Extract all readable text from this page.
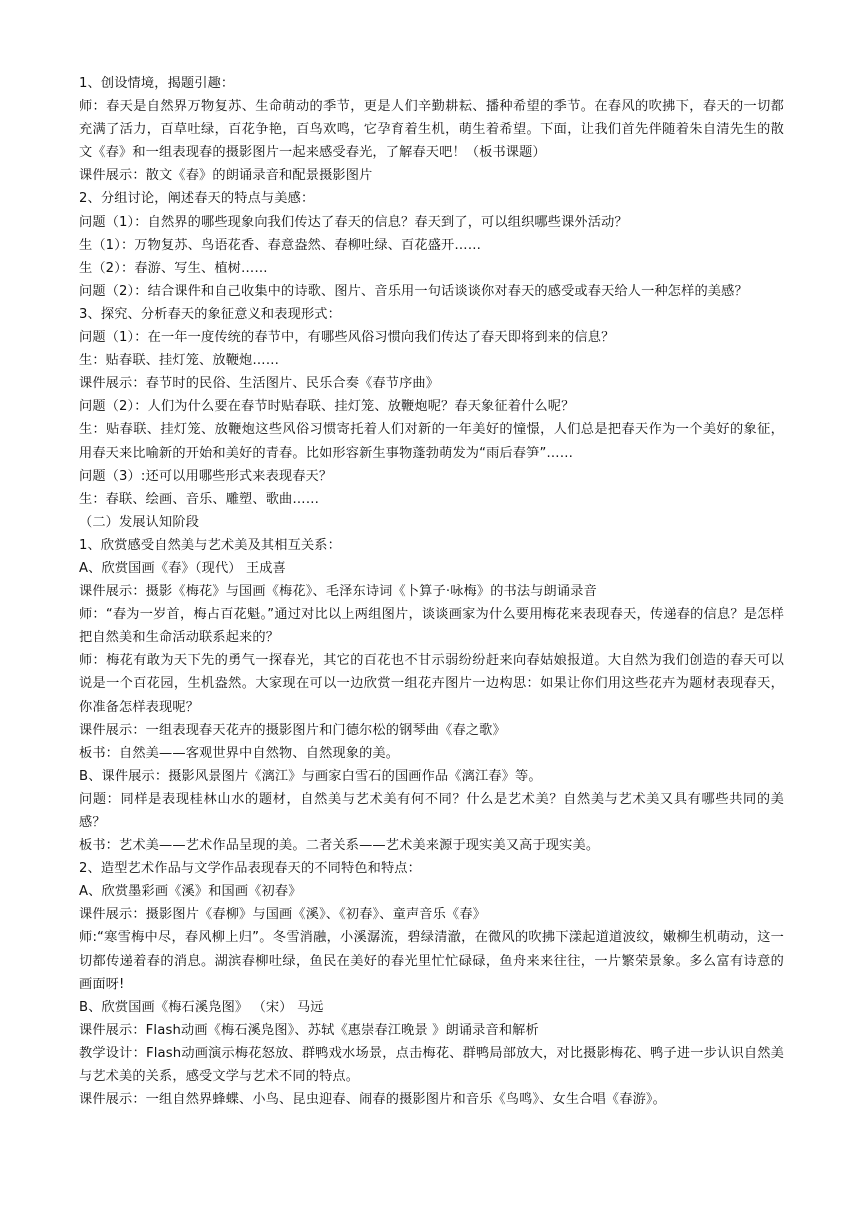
1、创设情境，揭题引趣：

师：春天是自然界万物复苏、生命萌动的季节，更是人们辛勤耕耘、播种希望的季节。在春风的吹拂下，春天的一切都充满了活力，百草吐绿，百花争艳，百鸟欢鸣，它孕育着生机，萌生着希望。下面，让我们首先伴随着朱自清先生的散文《春》和一组表现春的摄影图片一起来感受春光，了解春天吧！（板书课题）

课件展示：散文《春》的朗诵录音和配景摄影图片

2、分组讨论，阐述春天的特点与美感：

问题（1）：自然界的哪些现象向我们传达了春天的信息？春天到了，可以组织哪些课外活动？

生（1）：万物复苏、鸟语花香、春意盎然、春柳吐绿、百花盛开……

生（2）：春游、写生、植树……

问题（2）：结合课件和自己收集中的诗歌、图片、音乐用一句话谈谈你对春天的感受或春天给人一种怎样的美感？

3、探究、分析春天的象征意义和表现形式：

问题（1）：在一年一度传统的春节中，有哪些风俗习惯向我们传达了春天即将到来的信息？

生：贴春联、挂灯笼、放鞭炮……

课件展示：春节时的民俗、生活图片、民乐合奏《春节序曲》

问题（2）：人们为什么要在春节时贴春联、挂灯笼、放鞭炮呢？春天象征着什么呢？

生：贴春联、挂灯笼、放鞭炮这些风俗习惯寄托着人们对新的一年美好的憧憬，人们总是把春天作为一个美好的象征，用春天来比喻新的开始和美好的青春。比如形容新生事物蓬勃萌发为“雨后春笋”……

问题（3）:还可以用哪些形式来表现春天？

生：春联、绘画、音乐、雕塑、歌曲……

（二）发展认知阶段

1、欣赏感受自然美与艺术美及其相互关系：

A、欣赏国画《春》（现代） 王成喜

课件展示：摄影《梅花》与国画《梅花》、毛泽东诗词《卜算子·咏梅》的书法与朗诵录音

师：“春为一岁首，梅占百花魁。”通过对比以上两组图片，谈谈画家为什么要用梅花来表现春天，传递春的信息？是怎样把自然美和生命活动联系起来的？

师：梅花有敢为天下先的勇气一探春光，其它的百花也不甘示弱纷纷赶来向春姑娘报道。大自然为我们创造的春天可以说是一个百花园，生机盎然。大家现在可以一边欣赏一组花卉图片一边构思：如果让你们用这些花卉为题材表现春天，你准备怎样表现呢？

课件展示：一组表现春天花卉的摄影图片和门德尔松的钢琴曲《春之歌》

板书：自然美——客观世界中自然物、自然现象的美。

B、课件展示：摄影风景图片《漓江》与画家白雪石的国画作品《漓江春》等。

问题：同样是表现桂林山水的题材，自然美与艺术美有何不同？什么是艺术美？自然美与艺术美又具有哪些共同的美感？

板书：艺术美——艺术作品呈现的美。二者关系——艺术美来源于现实美又高于现实美。

2、造型艺术作品与文学作品表现春天的不同特色和特点：

A、欣赏墨彩画《溪》和国画《初春》

课件展示：摄影图片《春柳》与国画《溪》、《初春》、童声音乐《春》

师:“寒雪梅中尽，春风柳上归”。冬雪消融，小溪潺流，碧绿清澈，在微风的吹拂下漾起道道波纹，嫩柳生机萌动，这一切都传递着春的消息。湖滨春柳吐绿，鱼民在美好的春光里忙忙碌碌，鱼舟来来往往，一片繁荣景象。多么富有诗意的画面呀!

B、欣赏国画《梅石溪凫图》 （宋） 马远

课件展示：Flash动画《梅石溪凫图》、苏轼《惠崇春江晚景 》朗诵录音和解析

教学设计：Flash动画演示梅花怒放、群鸭戏水场景，点击梅花、群鸭局部放大，对比摄影梅花、鸭子进一步认识自然美与艺术美的关系，感受文学与艺术不同的特点。

课件展示：一组自然界蜂蝶、小鸟、昆虫迎春、闹春的摄影图片和音乐《鸟鸣》、女生合唱《春游》。
